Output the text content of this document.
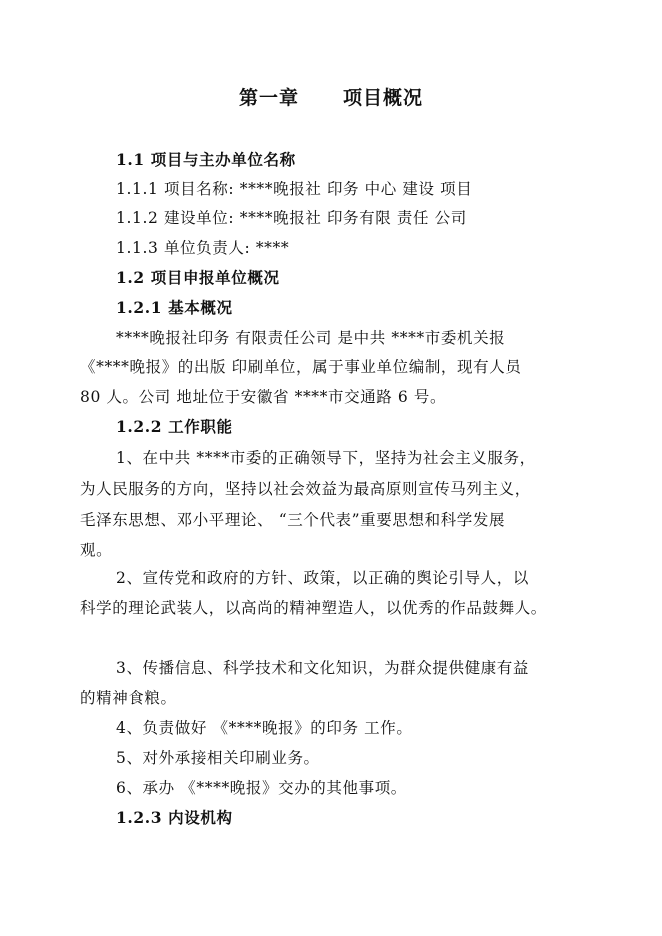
第一章 项目概况
1.1 项目与主办单位名称
1.1.1 项目名称: ****晚报社 印务 中心 建设 项目
1.1.2 建设单位: ****晚报社 印务有限 责任 公司
1.1.3 单位负责人: ****
1.2 项目申报单位概况
1.2.1 基本概况
****晚报社印务 有限责任公司 是中共 ****市委机关报
《****晚报》的出版 印刷单位，属于事业单位编制，现有人员
80 人。公司 地址位于安徽省 ****市交通路 6 号。
1.2.2 工作职能
1、在中共 ****市委的正确领导下，坚持为社会主义服务，
为人民服务的方向，坚持以社会效益为最高原则宣传马列主义，
毛泽东思想、邓小平理论、 “三个代表”重要思想和科学发展
观。
2、宣传党和政府的方针、政策，以正确的舆论引导人，以
科学的理论武装人，以高尚的精神塑造人，以优秀的作品鼓舞人。
3、传播信息、科学技术和文化知识，为群众提供健康有益
的精神食粮。
4、负责做好 《****晚报》的印务 工作。
5、对外承接相关印刷业务。
6、承办 《****晚报》交办的其他事项。
1.2.3 内设机构
